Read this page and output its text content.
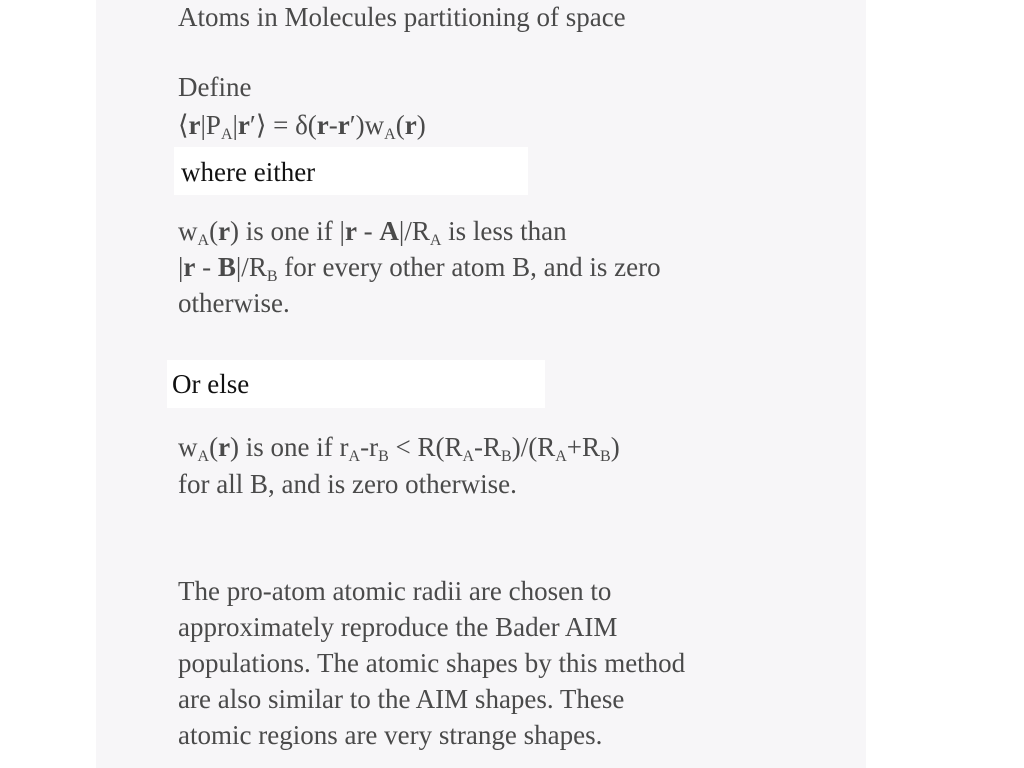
Atoms in Molecules partitioning of space
Define
$⟨r|P_A|r'⟩ = \delta(r-r')w_A(r)$
where either
$w_A(r)$ is one if $|r - A|/R_A$ is less than
$|r - B|/R_B$ for every other atom B, and is zero
otherwise.
Or else
$w_A(r)$ is one if $r_A-r_B < R(R_A-R_B)/(R_A+R_B)$
for all B, and is zero otherwise.
The pro-atom atomic radii are chosen to
approximately reproduce the Bader AIM
populations. The atomic shapes by this method
are also similar to the AIM shapes. These
atomic regions are very strange shapes.
